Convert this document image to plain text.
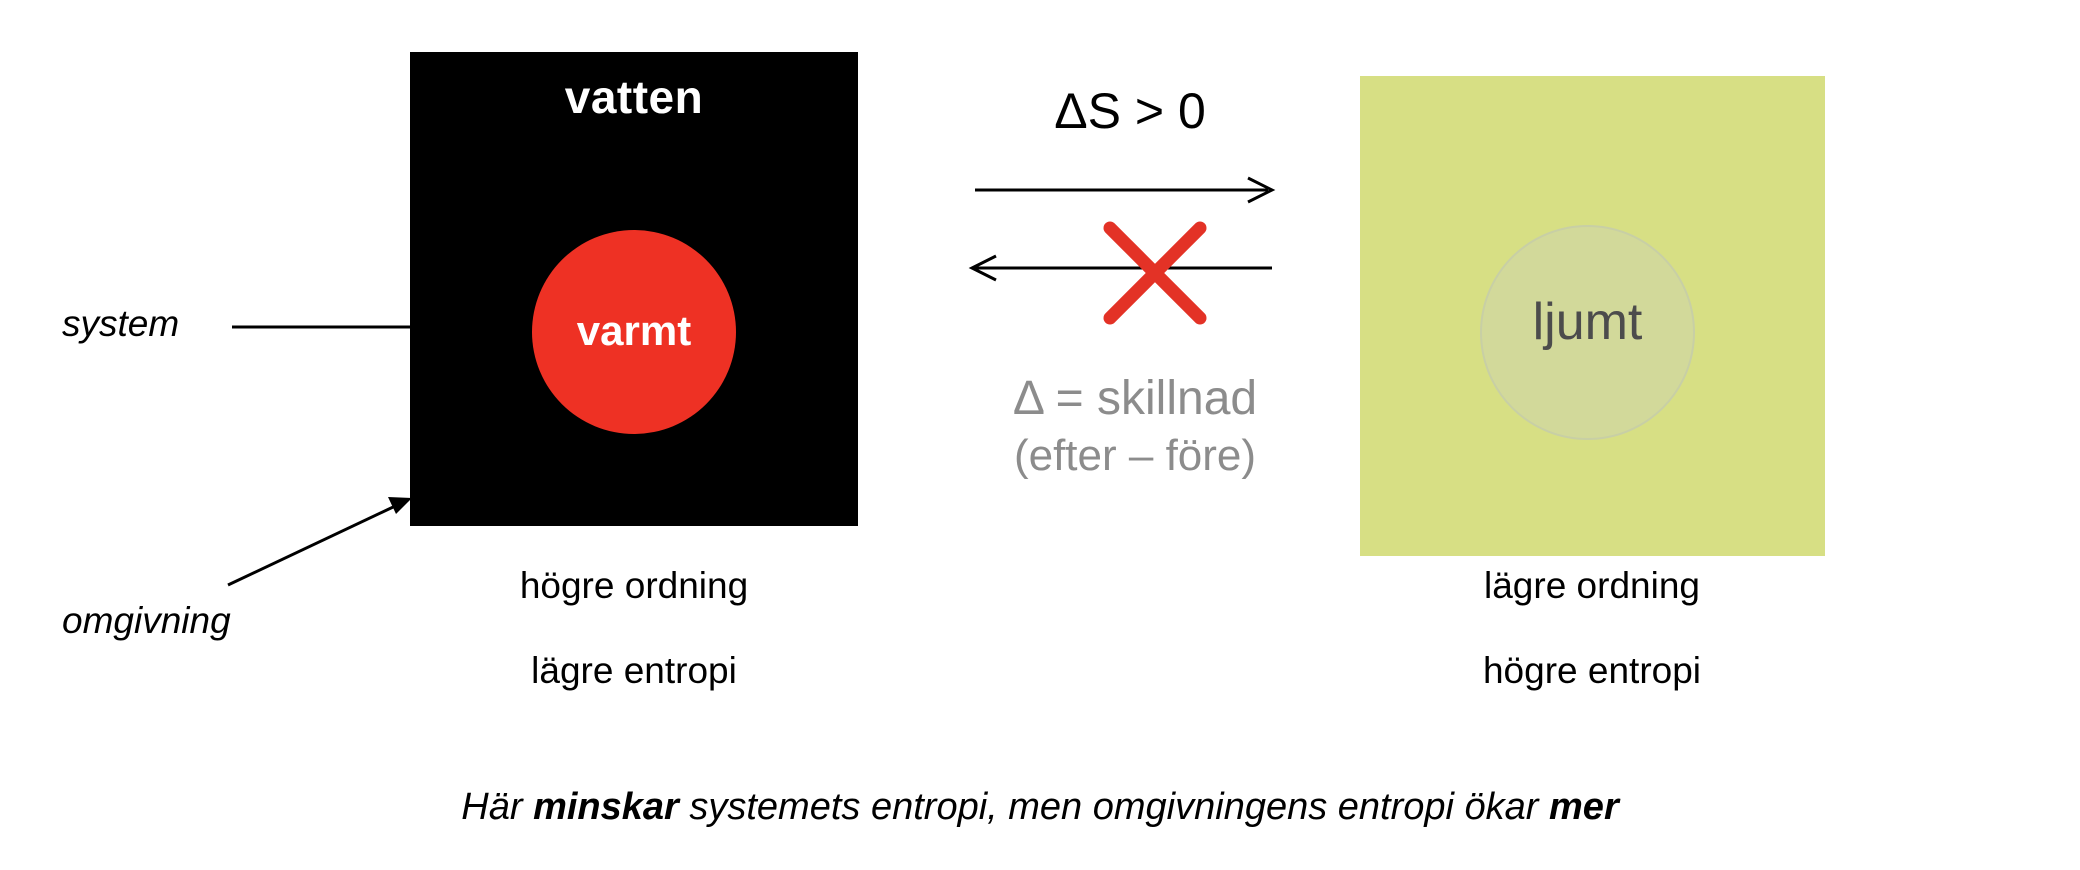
vatten
varmt
högre ordning
lägre entropi
ljumt
lägre ordning
högre entropi
system
omgivning
ΔS > 0
Δ = skillnad
(efter – före)
Här minskar systemets entropi, men omgivningens entropi ökar mer
